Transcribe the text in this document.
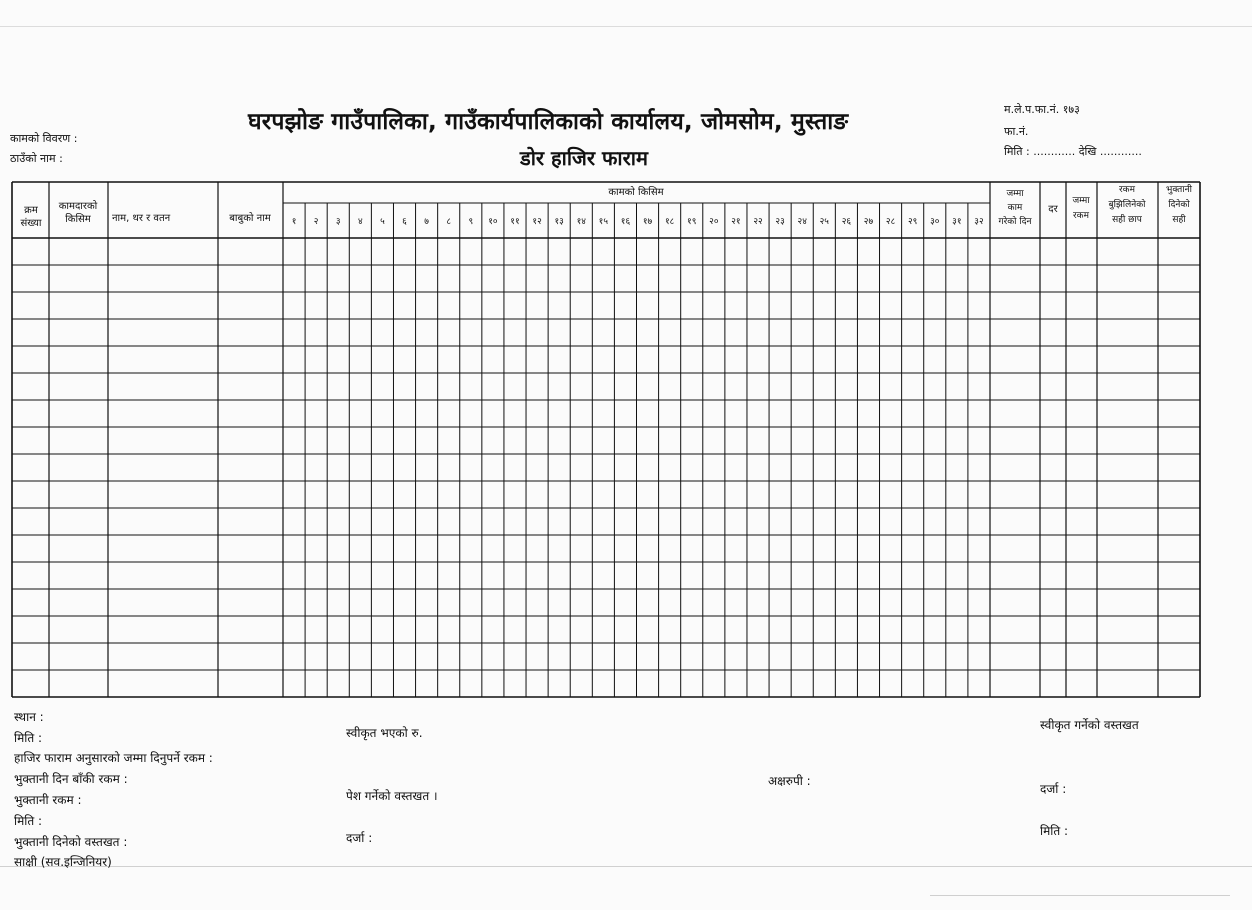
कामको विवरण :
ठाउँको नाम :
घरपझोङ गाउँपालिका, गाउँकार्यपालिकाको कार्यालय, जोमसोम, मुस्ताङ
डोर हाजिर फाराम
म.ले.प.फा.नं. १७३
फा.नं.
मिति : ............ देखि ............
क्रम
संख्या
कामदारको
किसिम नाम, थर र वतन	बाबुको नाम
कामको किसिम	जम्मा
काम
गरेको दिन
दर
जम्मा
रकम
रकम
बुझिलिनेको
सही छाप
भुक्तानी
दिनेको
सही
१ २ ३ ४ ५ ६ ७ ८ ९ १० ११ १२ १३ १४ १५ १६ १७ १८ १९ २० २१ २२ २३ २४ २५ २६ २७ २८ २९ ३० ३१ ३२
स्थान :
मिति :
हाजिर फाराम अनुसारको जम्मा दिनुपर्ने रकम :
भुक्तानी दिन बाँकी रकम :
भुक्तानी रकम :
मिति :
भुक्तानी दिनेको वस्तखत :
साक्षी (सव.इन्जिनियर)
स्वीकृत भएको रु.
पेश गर्नेको वस्तखत ।
दर्जा :
अक्षरुपी :
स्वीकृत गर्नेको वस्तखत
दर्जा :
मिति :
